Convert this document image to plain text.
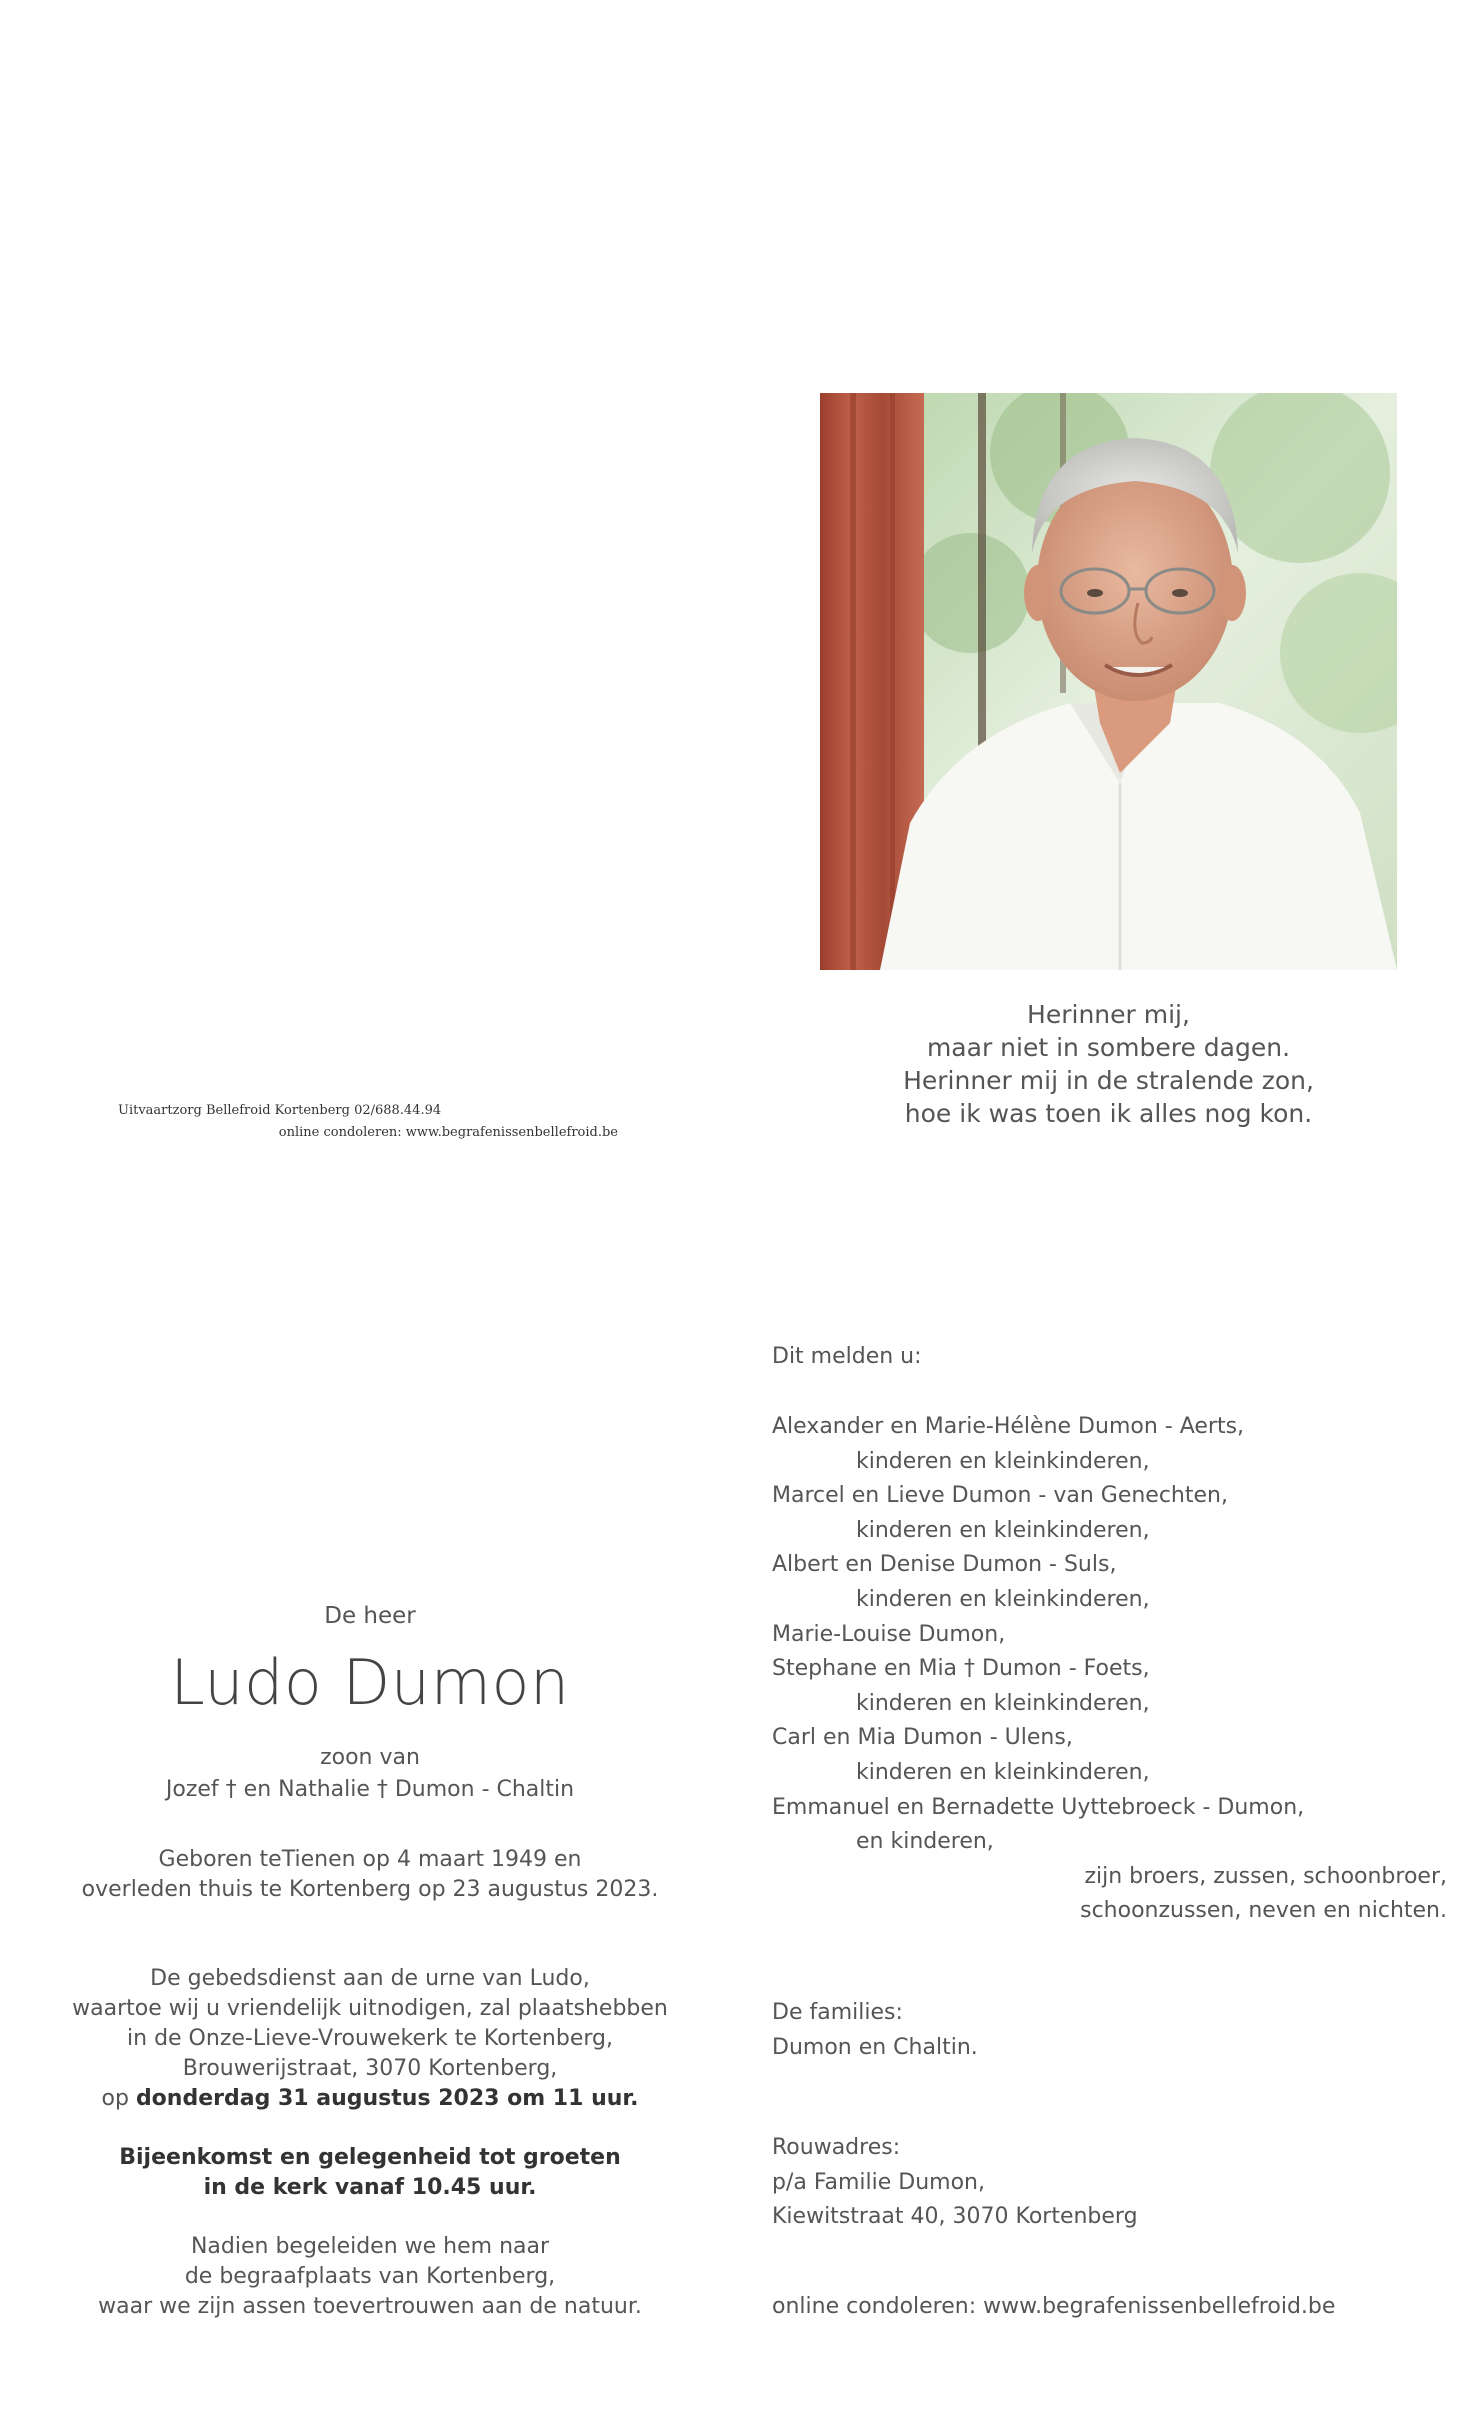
Uitvaartzorg Bellefroid Kortenberg 02/688.44.94
online condoleren: www.begrafenissenbellefroid.be
Herinner mij,
maar niet in sombere dagen.
Herinner mij in de stralende zon,
hoe ik was toen ik alles nog kon.
De heer
Ludo Dumon
zoon van
Jozef † en Nathalie † Dumon - Chaltin
Geboren teTienen op 4 maart 1949 en
overleden thuis te Kortenberg op 23 augustus 2023.
De gebedsdienst aan de urne van Ludo,
waartoe wij u vriendelijk uitnodigen, zal plaatshebben
in de Onze-Lieve-Vrouwekerk te Kortenberg,
Brouwerijstraat, 3070 Kortenberg,
op donderdag 31 augustus 2023 om 11 uur.
Bijeenkomst en gelegenheid tot groeten
in de kerk vanaf 10.45 uur.
Nadien begeleiden we hem naar
de begraafplaats van Kortenberg,
waar we zijn assen toevertrouwen aan de natuur.
Dit melden u:
Alexander en Marie-Hélène Dumon - Aerts,
kinderen en kleinkinderen,
Marcel en Lieve Dumon - van Genechten,
kinderen en kleinkinderen,
Albert en Denise Dumon - Suls,
kinderen en kleinkinderen,
Marie-Louise Dumon,
Stephane en Mia † Dumon - Foets,
kinderen en kleinkinderen,
Carl en Mia Dumon - Ulens,
kinderen en kleinkinderen,
Emmanuel en Bernadette Uyttebroeck - Dumon,
en kinderen,
zijn broers, zussen, schoonbroer,
schoonzussen, neven en nichten.
De families:
Dumon en Chaltin.
Rouwadres:
p/a Familie Dumon,
Kiewitstraat 40, 3070 Kortenberg
online condoleren: www.begrafenissenbellefroid.be
